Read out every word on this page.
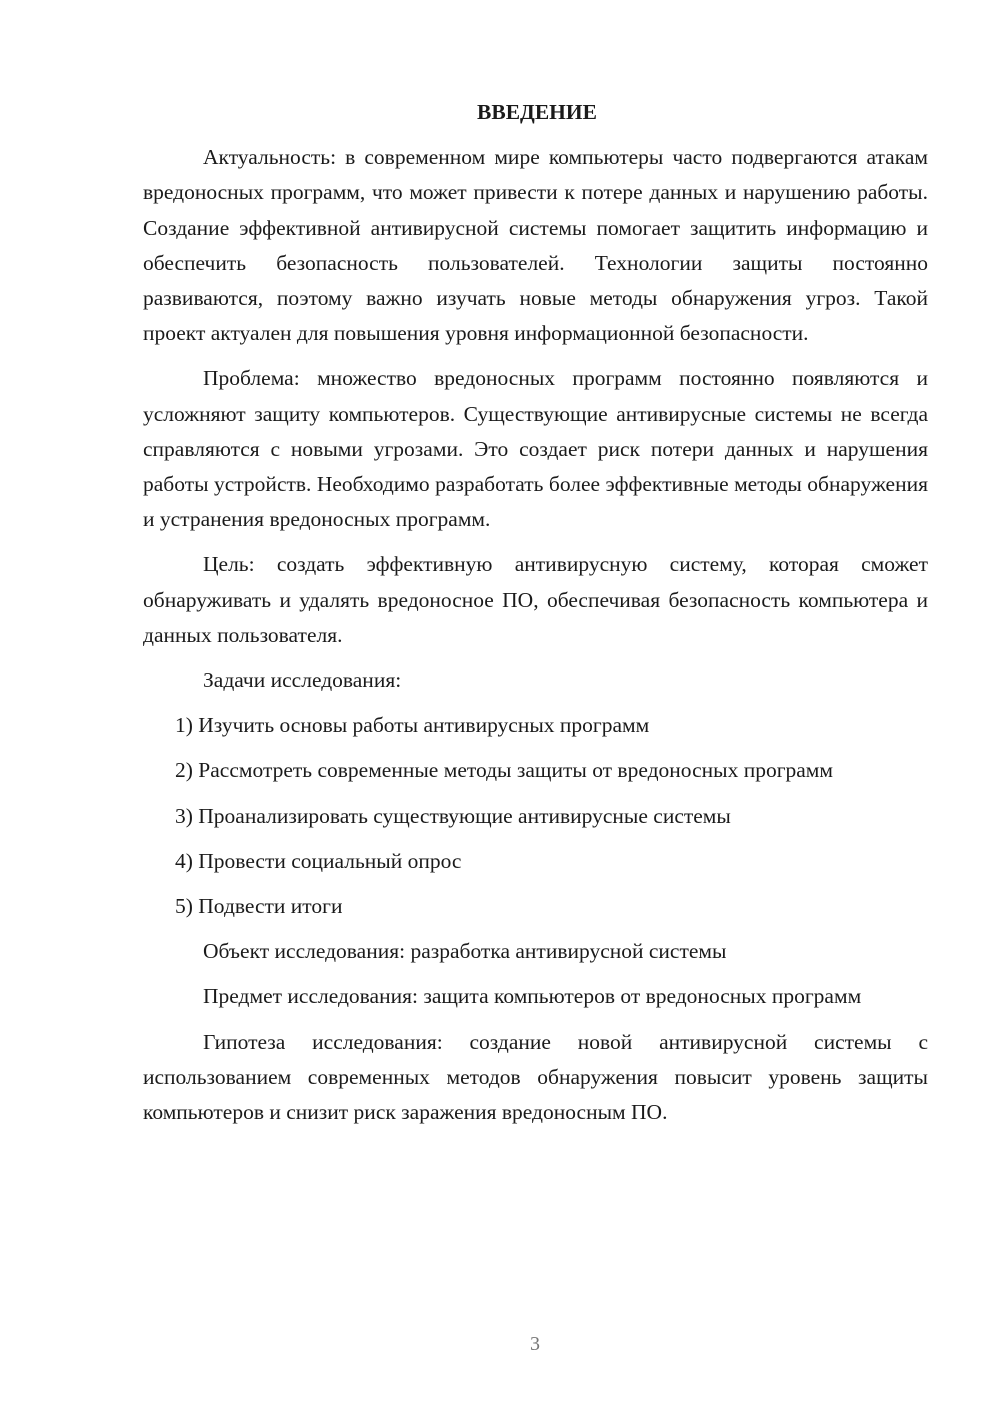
ВВЕДЕНИЕ

Актуальность: в современном мире компьютеры часто подвергаются атакам вредоносных программ, что может привести к потере данных и нарушению работы. Создание эффективной антивирусной системы помогает защитить информацию и обеспечить безопасность пользователей. Технологии защиты постоянно развиваются, поэтому важно изучать новые методы обнаружения угроз. Такой проект актуален для повышения уровня информационной безопасности.

Проблема: множество вредоносных программ постоянно появляются и усложняют защиту компьютеров. Существующие антивирусные системы не всегда справляются с новыми угрозами. Это создает риск потери данных и нарушения работы устройств. Необходимо разработать более эффективные методы обнаружения и устранения вредоносных программ.

Цель: создать эффективную антивирусную систему, которая сможет обнаруживать и удалять вредоносное ПО, обеспечивая безопасность компьютера и данных пользователя.

Задачи исследования:

1) Изучить основы работы антивирусных программ

2) Рассмотреть современные методы защиты от вредоносных программ

3) Проанализировать существующие антивирусные системы

4) Провести социальный опрос

5) Подвести итоги

Объект исследования: разработка антивирусной системы

Предмет исследования: защита компьютеров от вредоносных программ

Гипотеза исследования: создание новой антивирусной системы с использованием современных методов обнаружения повысит уровень защиты компьютеров и снизит риск заражения вредоносным ПО.

3
